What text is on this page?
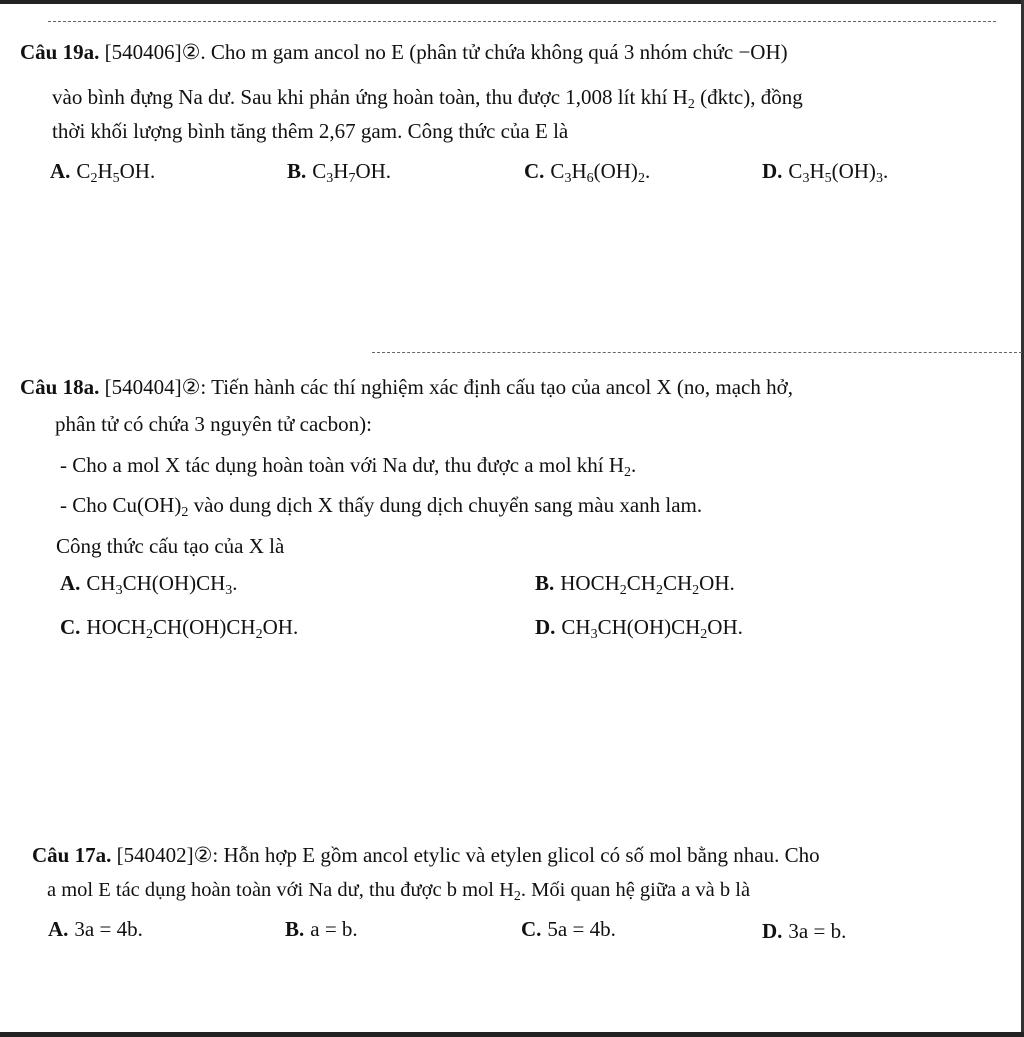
Câu 19a. [540406]②. Cho m gam ancol no E (phân tử chứa không quá 3 nhóm chức −OH)
vào bình đựng Na dư. Sau khi phản ứng hoàn toàn, thu được 1,008 lít khí $H_2$ (đktc), đồng
thời khối lượng bình tăng thêm 2,67 gam. Công thức của E là
A. $C_2H_5OH$.	B. $C_3H_7OH$.	C. $C_3H_6(OH)_2$.	D. $C_3H_5(OH)_3$.
Câu 18a. [540404]②: Tiến hành các thí nghiệm xác định cấu tạo của ancol X (no, mạch hở,
phân tử có chứa 3 nguyên tử cacbon):
- Cho a mol X tác dụng hoàn toàn với Na dư, thu được a mol khí $H_2$.
- Cho $Cu(OH)_2$ vào dung dịch X thấy dung dịch chuyển sang màu xanh lam.
Công thức cấu tạo của X là
A. $CH_3CH(OH)CH_3$.	B. $HOCH_2CH_2CH_2OH$.
C. $HOCH_2CH(OH)CH_2OH$.	D. $CH_3CH(OH)CH_2OH$.
Câu 17a. [540402]②: Hỗn hợp E gồm ancol etylic và etylen glicol có số mol bằng nhau. Cho
a mol E tác dụng hoàn toàn với Na dư, thu được b mol $H_2$. Mối quan hệ giữa a và b là
A. 3a = 4b.	B. a = b.	C. 5a = 4b.	D. 3a = b.
